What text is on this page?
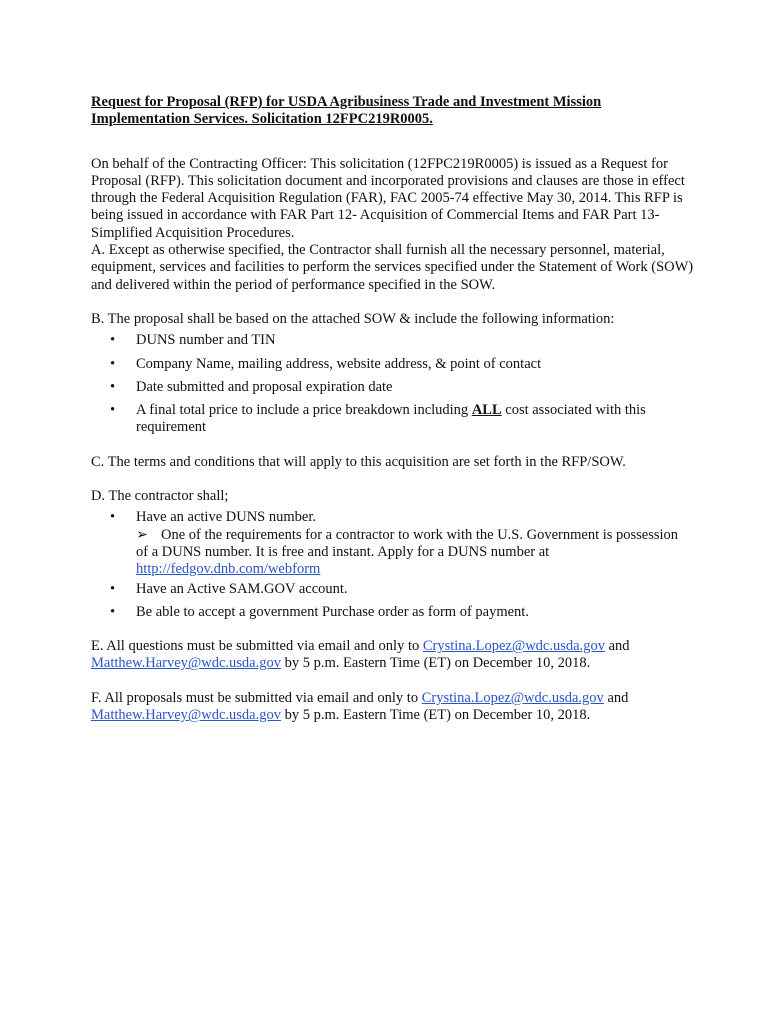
Request for Proposal (RFP) for USDA Agribusiness Trade and Investment Mission
Implementation Services. Solicitation 12FPC219R0005.

On behalf of the Contracting Officer: This solicitation (12FPC219R0005) is issued as a Request for Proposal (RFP). This solicitation document and incorporated provisions and clauses are those in effect through the Federal Acquisition Regulation (FAR), FAC 2005-74 effective May 30, 2014. This RFP is being issued in accordance with FAR Part 12- Acquisition of Commercial Items and FAR Part 13- Simplified Acquisition Procedures.

A. Except as otherwise specified, the Contractor shall furnish all the necessary personnel, material, equipment, services and facilities to perform the services specified under the Statement of Work (SOW) and delivered within the period of performance specified in the SOW.

B. The proposal shall be based on the attached SOW & include the following information:

• DUNS number and TIN
• Company Name, mailing address, website address, & point of contact
• Date submitted and proposal expiration date
• A final total price to include a price breakdown including ALL cost associated with this requirement

C. The terms and conditions that will apply to this acquisition are set forth in the RFP/SOW.

D. The contractor shall;

• Have an active DUNS number.
➢ One of the requirements for a contractor to work with the U.S. Government is possession
of a DUNS number. It is free and instant. Apply for a DUNS number at
http://fedgov.dnb.com/webform
• Have an Active SAM.GOV account.
• Be able to accept a government Purchase order as form of payment.

E. All questions must be submitted via email and only to Crystina.Lopez@wdc.usda.gov and
Matthew.Harvey@wdc.usda.gov by 5 p.m. Eastern Time (ET) on December 10, 2018.

F. All proposals must be submitted via email and only to Crystina.Lopez@wdc.usda.gov and
Matthew.Harvey@wdc.usda.gov by 5 p.m. Eastern Time (ET) on December 10, 2018.
